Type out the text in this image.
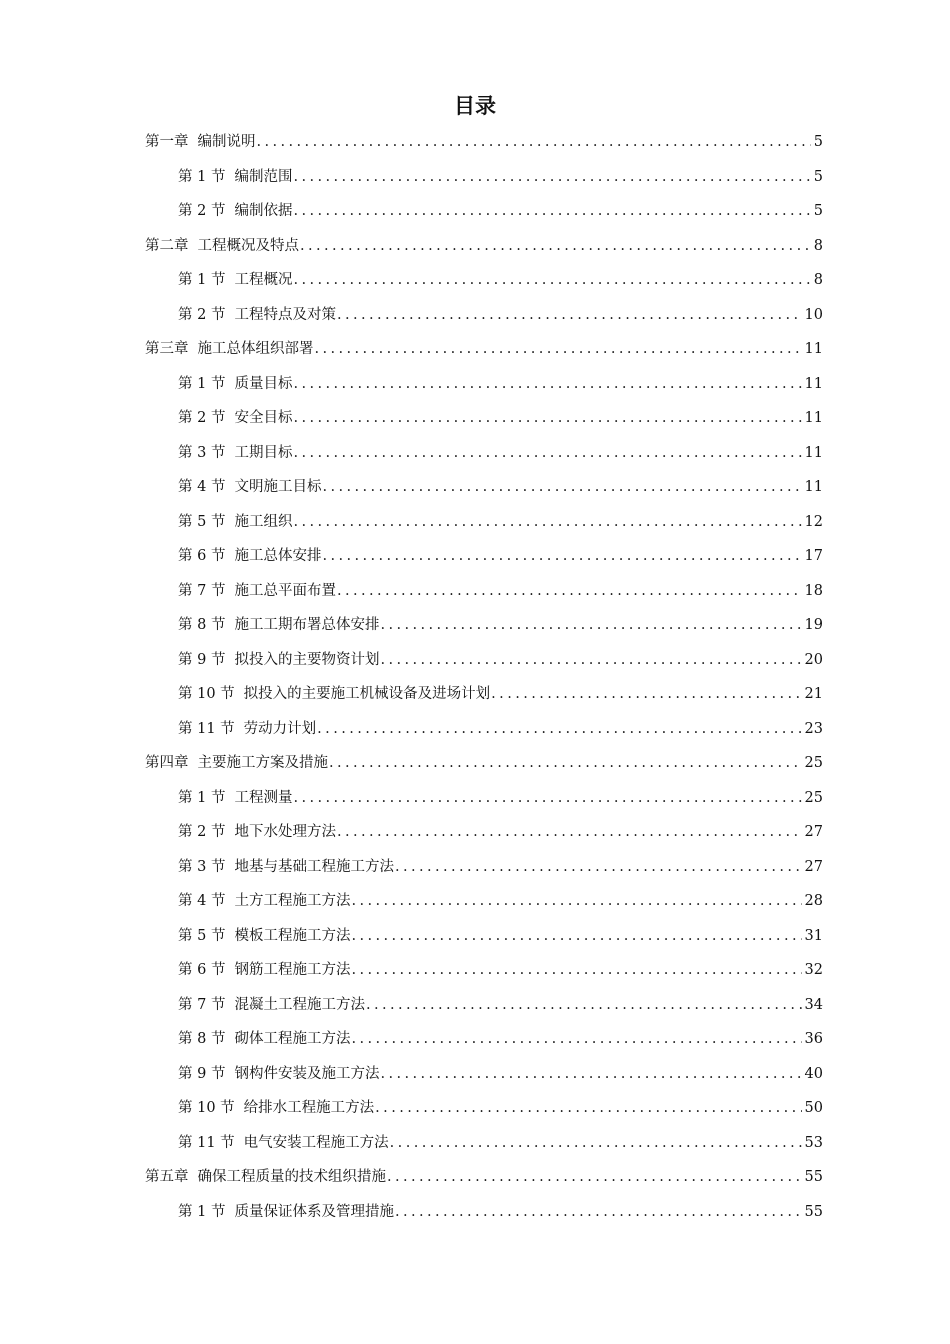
目录
第一章 编制说明 .....	5
第 1 节 编制范围 .....	5
第 2 节 编制依据 .....	5
第二章 工程概况及特点 .....	8
第 1 节 工程概况 .....	8
第 2 节 工程特点及对策 .....	10
第三章 施工总体组织部署 .....	11
第 1 节 质量目标 .....	11
第 2 节 安全目标 .....	11
第 3 节 工期目标 .....	11
第 4 节 文明施工目标 .....	11
第 5 节 施工组织 .....	12
第 6 节 施工总体安排 .....	17
第 7 节 施工总平面布置 .....	18
第 8 节 施工工期布署总体安排 .....	19
第 9 节 拟投入的主要物资计划 .....	20
第 10 节 拟投入的主要施工机械设备及进场计划 .....	21
第 11 节 劳动力计划 .....	23
第四章 主要施工方案及措施 .....	25
第 1 节 工程测量 .....	25
第 2 节 地下水处理方法 .....	27
第 3 节 地基与基础工程施工方法 .....	27
第 4 节 土方工程施工方法 .....	28
第 5 节 模板工程施工方法 .....	31
第 6 节 钢筋工程施工方法 .....	32
第 7 节 混凝土工程施工方法 .....	34
第 8 节 砌体工程施工方法 .....	36
第 9 节 钢构件安装及施工方法 .....	40
第 10 节 给排水工程施工方法 .....	50
第 11 节 电气安装工程施工方法 .....	53
第五章 确保工程质量的技术组织措施 .....	55
第 1 节 质量保证体系及管理措施 .....	55
